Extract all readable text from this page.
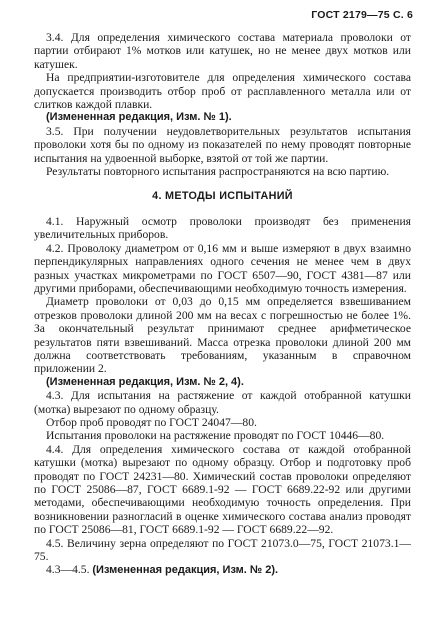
ГОСТ 2179—75 С. 6

3.4. Для определения химического состава материала проволоки от партии отбирают 1% мотков или катушек, но не менее двух мотков или катушек.

На предприятии-изготовителе для определения химического состава допускается производить отбор проб от расплавленного металла или от слитков каждой плавки.

(Измененная редакция, Изм. № 1).

3.5. При получении неудовлетворительных результатов испытания проволоки хотя бы по одному из показателей по нему проводят повторные испытания на удвоенной выборке, взятой от той же партии.

Результаты повторного испытания распространяются на всю партию.

4. МЕТОДЫ ИСПЫТАНИЙ

4.1. Наружный осмотр проволоки производят без применения увеличительных приборов.

4.2. Проволоку диаметром от 0,16 мм и выше измеряют в двух взаимно перпендикулярных направлениях одного сечения не менее чем в двух разных участках микрометрами по ГОСТ 6507—90, ГОСТ 4381—87 или другими приборами, обеспечивающими необходимую точность измерения.

Диаметр проволоки от 0,03 до 0,15 мм определяется взвешиванием отрезков проволоки длиной 200 мм на весах с погрешностью не более 1%. За окончательный результат принимают среднее арифметическое результатов пяти взвешиваний. Масса отрезка проволоки длиной 200 мм должна соответствовать требованиям, указанным в справочном приложении 2.

(Измененная редакция, Изм. № 2, 4).

4.3. Для испытания на растяжение от каждой отобранной катушки (мотка) вырезают по одному образцу.

Отбор проб проводят по ГОСТ 24047—80.

Испытания проволоки на растяжение проводят по ГОСТ 10446—80.

4.4. Для определения химического состава от каждой отобранной катушки (мотка) вырезают по одному образцу. Отбор и подготовку проб проводят по ГОСТ 24231—80. Химический состав проволоки определяют по ГОСТ 25086—87, ГОСТ 6689.1-92 — ГОСТ 6689.22-92 или другими методами, обеспечивающими необходимую точность определения. При возникновении разногласий в оценке химического состава анализ проводят по ГОСТ 25086—81, ГОСТ 6689.1-92 — ГОСТ 6689.22—92.

4.5. Величину зерна определяют по ГОСТ 21073.0—75, ГОСТ 21073.1—75.

4.3—4.5. (Измененная редакция, Изм. № 2).
